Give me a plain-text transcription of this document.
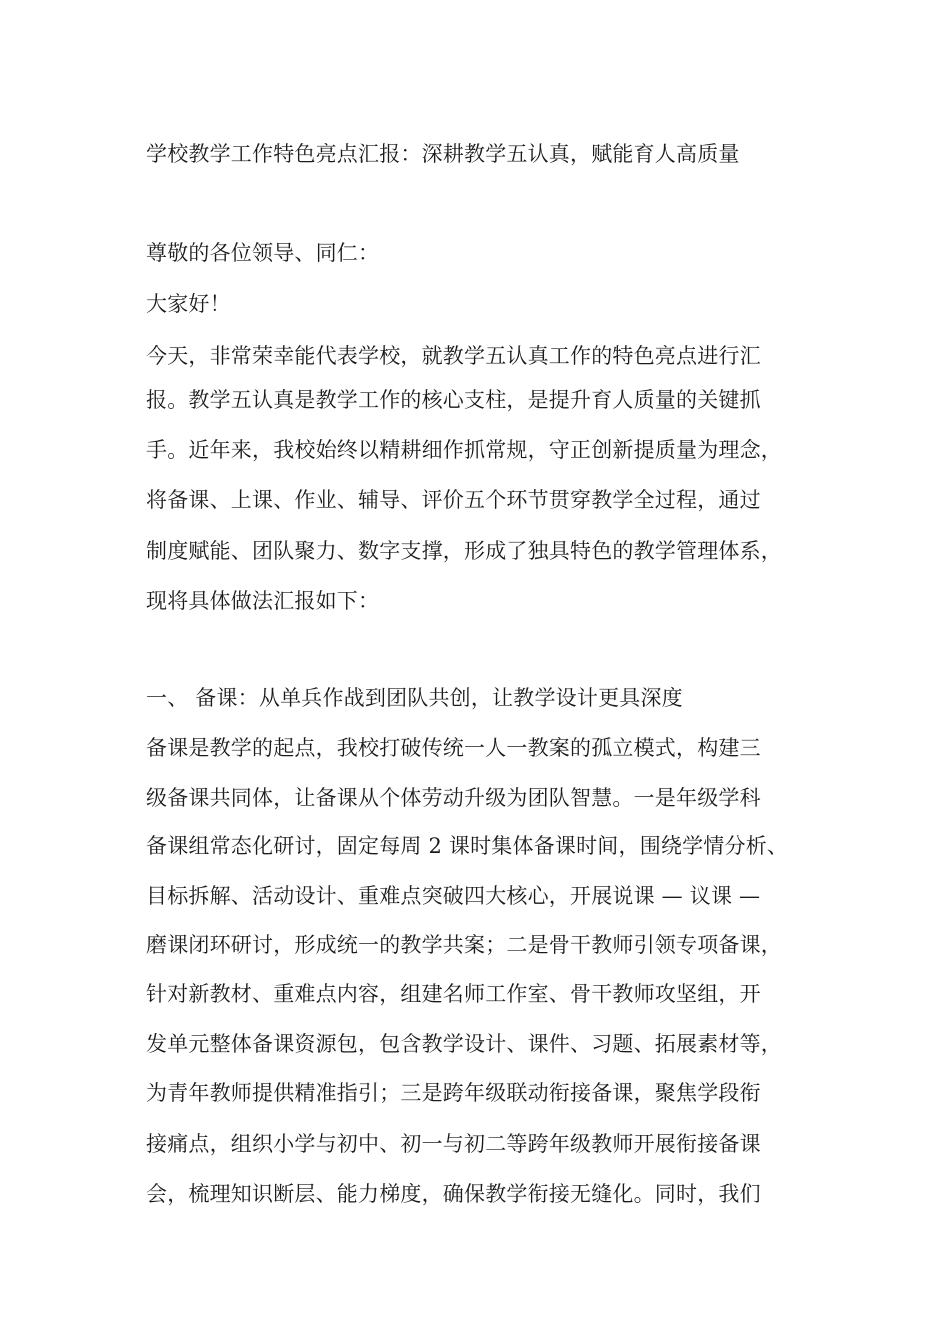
学校教学工作特色亮点汇报：深耕教学五认真，赋能育人高质量
尊敬的各位领导、同仁：
大家好！
今天，非常荣幸能代表学校，就教学五认真工作的特色亮点进行汇
报。教学五认真是教学工作的核心支柱，是提升育人质量的关键抓
手。近年来，我校始终以精耕细作抓常规，守正创新提质量为理念，
将备课、上课、作业、辅导、评价五个环节贯穿教学全过程，通过
制度赋能、团队聚力、数字支撑，形成了独具特色的教学管理体系，
现将具体做法汇报如下：
一、 备课：从单兵作战到团队共创，让教学设计更具深度
备课是教学的起点，我校打破传统一人一教案的孤立模式，构建三
级备课共同体，让备课从个体劳动升级为团队智慧。一是年级学科
备课组常态化研讨，固定每周 2 课时集体备课时间，围绕学情分析、
目标拆解、活动设计、重难点突破四大核心，开展说课 — 议课 —
磨课闭环研讨，形成统一的教学共案；二是骨干教师引领专项备课，
针对新教材、重难点内容，组建名师工作室、骨干教师攻坚组，开
发单元整体备课资源包，包含教学设计、课件、习题、拓展素材等，
为青年教师提供精准指引；三是跨年级联动衔接备课，聚焦学段衔
接痛点，组织小学与初中、初一与初二等跨年级教师开展衔接备课
会，梳理知识断层、能力梯度，确保教学衔接无缝化。同时，我们
